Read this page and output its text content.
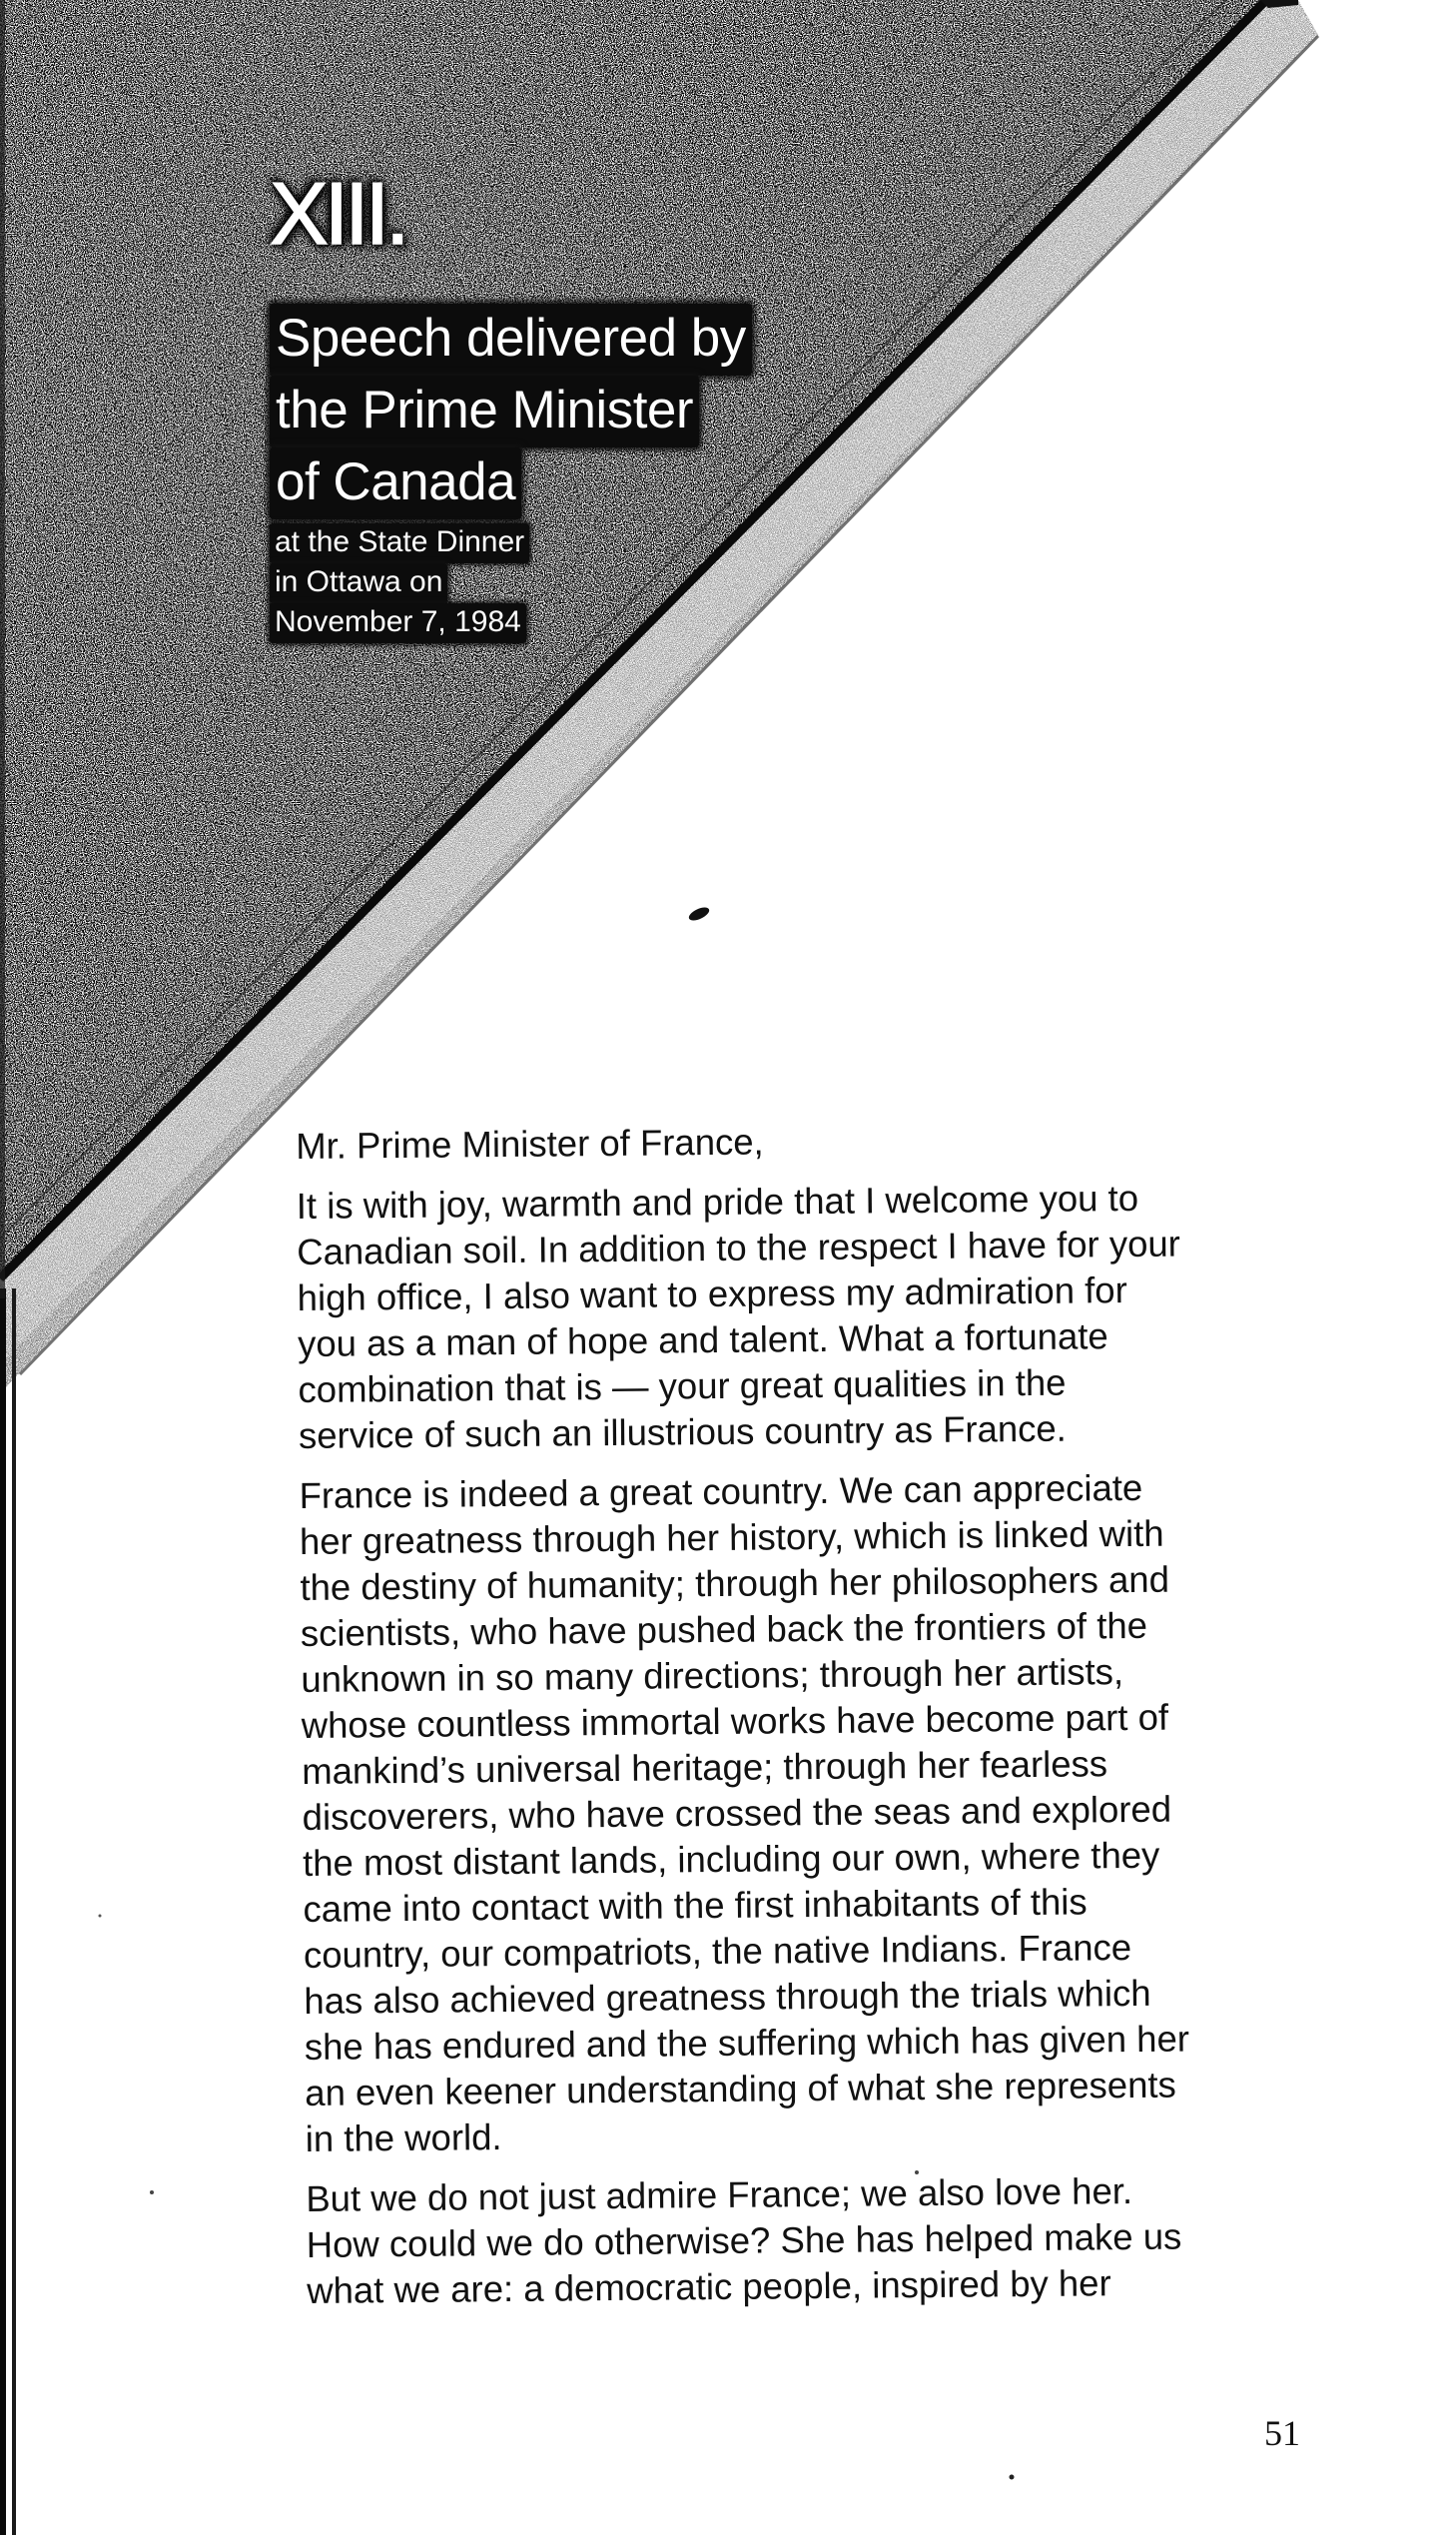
XIII.
Speech delivered by
the Prime Minister
of Canada
at the State Dinner
in Ottawa on
November 7, 1984
Mr. Prime Minister of France,
It is with joy, warmth and pride that I welcome you to
Canadian soil. In addition to the respect I have for your
high office, I also want to express my admiration for
you as a man of hope and talent. What a fortunate
combination that is — your great qualities in the
service of such an illustrious country as France.
France is indeed a great country. We can appreciate
her greatness through her history, which is linked with
the destiny of humanity; through her philosophers and
scientists, who have pushed back the frontiers of the
unknown in so many directions; through her artists,
whose countless immortal works have become part of
mankind’s universal heritage; through her fearless
discoverers, who have crossed the seas and explored
the most distant lands, including our own, where they
came into contact with the first inhabitants of this
country, our compatriots, the native Indians. France
has also achieved greatness through the trials which
she has endured and the suffering which has given her
an even keener understanding of what she represents
in the world.
But we do not just admire France; we also love her.
How could we do otherwise? She has helped make us
what we are: a democratic people, inspired by her
51
